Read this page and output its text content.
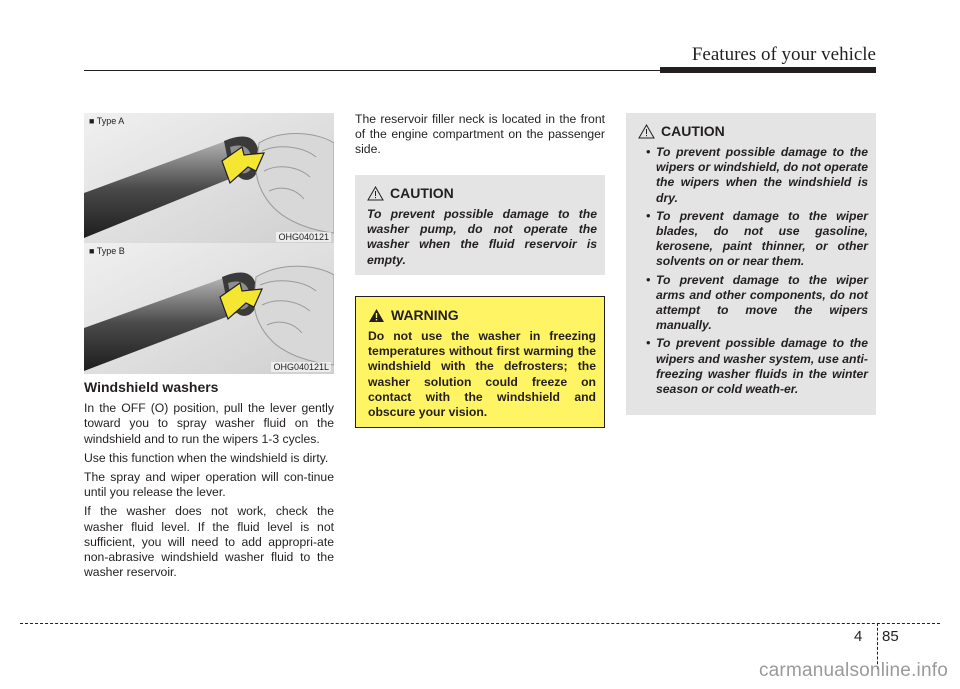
Features of your vehicle
■ Type A
OHG040121
■ Type B
OHG040121L
Windshield washers

In the OFF (O) position, pull the lever gently toward you to spray washer fluid on the windshield and to run the wipers 1-3 cycles.

Use this function when the windshield is dirty.

The spray and wiper operation will con-tinue until you release the lever.

If the washer does not work, check the washer fluid level. If the fluid level is not sufficient, you will need to add appropri-ate non-abrasive windshield washer fluid to the washer reservoir.

The reservoir filler neck is located in the front of the engine compartment on the passenger side.
CAUTION
To prevent possible damage to the washer pump, do not operate the washer when the fluid reservoir is empty.
WARNING
Do not use the washer in freezing temperatures without first warming the windshield with the defrosters; the washer solution could freeze on contact with the windshield and obscure your vision.
CAUTION
• To prevent possible damage to the wipers or windshield, do not operate the wipers when the windshield is dry.
• To prevent damage to the wiper blades, do not use gasoline, kerosene, paint thinner, or other solvents on or near them.
• To prevent damage to the wiper arms and other components, do not attempt to move the wipers manually.
• To prevent possible damage to the wipers and washer system, use anti-freezing washer fluids in the winter season or cold weath-er.
4 85
carmanualsonline.info
